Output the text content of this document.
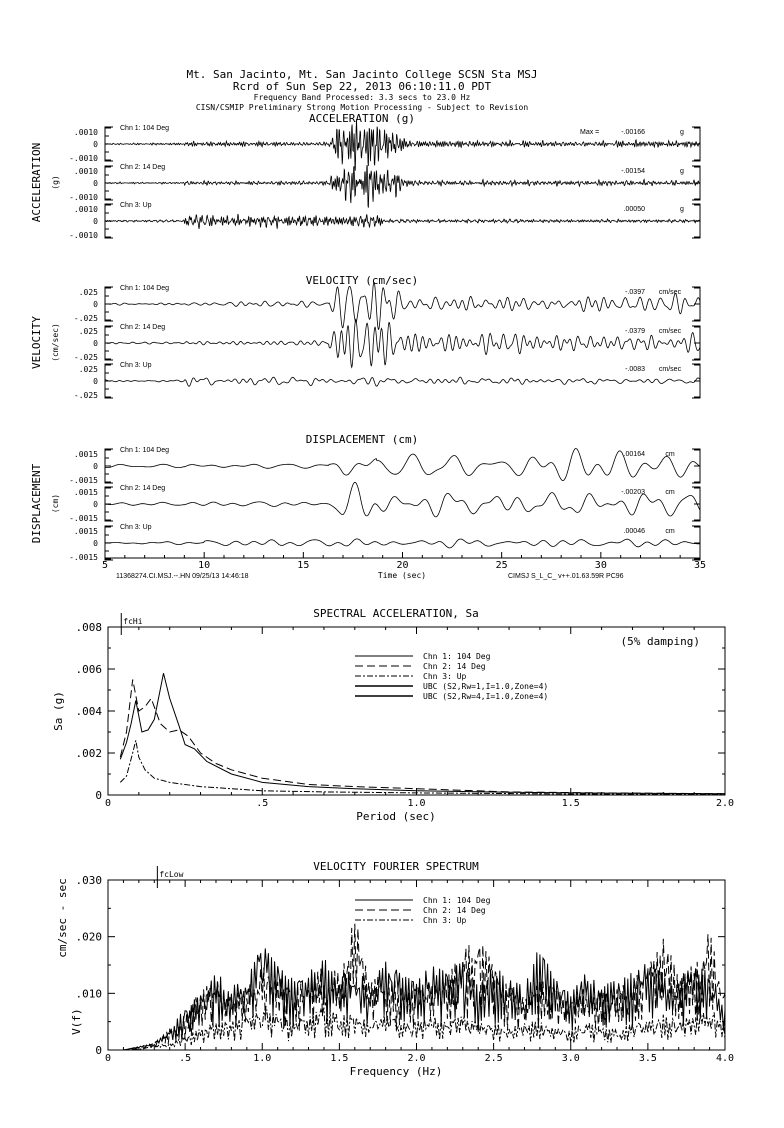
Mt. San Jacinto, Mt. San Jacinto College SCSN Sta MSJ
Rcrd of Sun Sep 22, 2013 06:10:11.0 PDT
Frequency Band Processed: 3.3 secs to 23.0 Hz
CISN/CSMIP Preliminary Strong Motion Processing - Subject to Revision
ACCELERATION (g)
ACCELERATION (g)
.0010
0
-.0010
Chn 1: 104 Deg
Max =	-.00166	g
.0010
0
-.0010
Chn 2: 14 Deg
-.00154	g
.0010
0
-.0010
Chn 3: Up
.00050	g
VELOCITY (cm/sec)
VELOCITY (cm/sec)
.025
0
-.025
Chn 1: 104 Deg
-.0397 cm/sec
.025
0
-.025
Chn 2: 14 Deg
-.0379 cm/sec
.025
0
-.025
Chn 3: Up
-.0083 cm/sec
DISPLACEMENT (cm)
DISPLACEMENT (cm)
.0015
0
-.0015
Chn 1: 104 Deg
.00164	cm
.0015
0
-.0015
Chn 2: 14 Deg
-.00203	cm
.0015
0
-.0015
Chn 3: Up
.00046	cm
5	10	15	20	25	30	35
Time (sec)
11368274.CI.MSJ.--.HN 09/25/13 14:46:18	CIMSJ S_L_C_ v++.01.63.59R PC96
SPECTRAL ACCELERATION, Sa
0	.5	1.0	1.5	2.0
0
.002
.004
.006
.008
Period (sec)
Sa (g)
(5% damping)
fcHi
Chn 1: 104 Deg
Chn 2: 14 Deg
Chn 3: Up
UBC (S2,Rw=1,I=1.0,Zone=4)
UBC (S2,Rw=4,I=1.0,Zone=4)
VELOCITY FOURIER SPECTRUM
0	.5	1.0	1.5	2.0	2.5	3.0	3.5	4.0
0
.010
.020
.030
Frequency (Hz)
V(f)
cm/sec - sec
fcLow
Chn 1: 104 Deg
Chn 2: 14 Deg
Chn 3: Up
